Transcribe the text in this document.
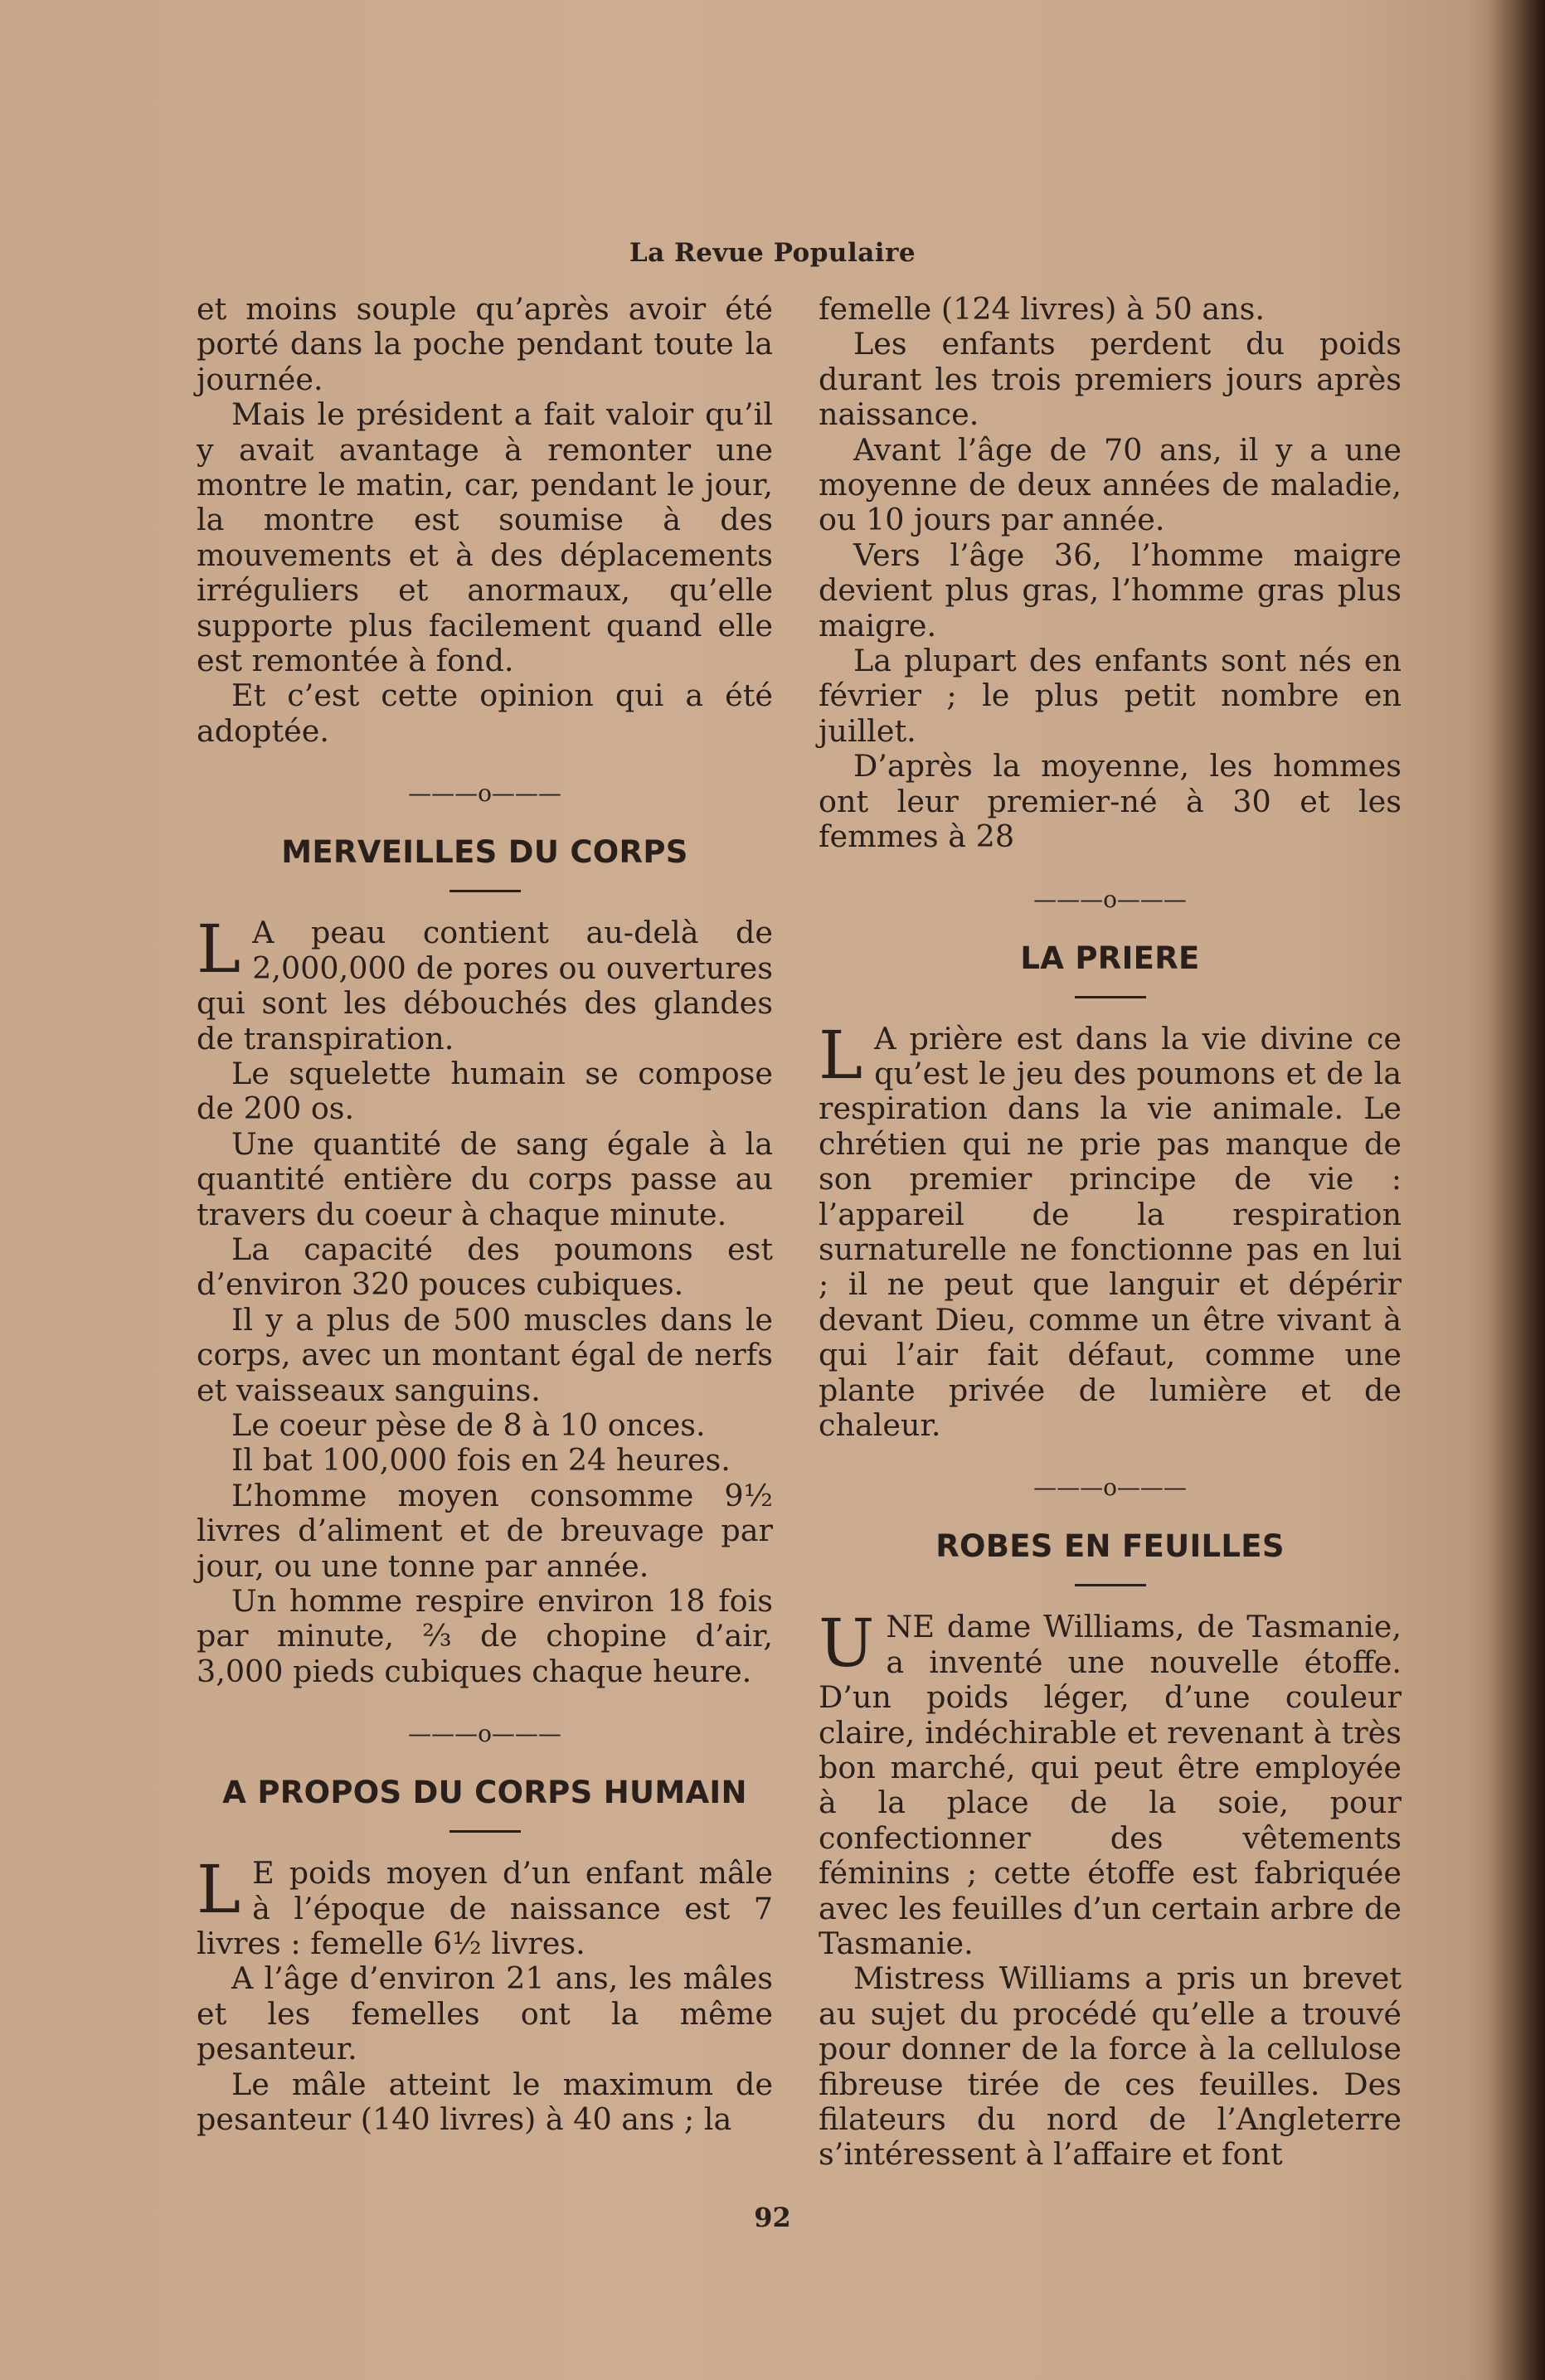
La Revue Populaire

et moins souple qu’après avoir été porté dans la poche pendant toute la journée.

Mais le président a fait valoir qu’il y avait avantage à remonter une montre le matin, car, pendant le jour, la montre est soumise à des mouvements et à des déplacements irréguliers et anormaux, qu’elle supporte plus facilement quand elle est remontée à fond.

Et c’est cette opinion qui a été adoptée.

———o———
MERVEILLES DU CORPS

L A peau contient au-delà de 2,000,000 de pores ou ouvertures qui sont les débouchés des glandes de transpiration.

Le squelette humain se compose de 200 os.

Une quantité de sang égale à la quantité entière du corps passe au travers du coeur à chaque minute.

La capacité des poumons est d’environ 320 pouces cubiques.

Il y a plus de 500 muscles dans le corps, avec un montant égal de nerfs et vaisseaux sanguins.

Le coeur pèse de 8 à 10 onces.

Il bat 100,000 fois en 24 heures.

L’homme moyen consomme 9½ livres d’aliment et de breuvage par jour, ou une tonne par année.

Un homme respire environ 18 fois par minute, ⅔ de chopine d’air, 3,000 pieds cubiques chaque heure.

———o———
A PROPOS DU CORPS HUMAIN

L E poids moyen d’un enfant mâle à l’époque de naissance est 7 livres : femelle 6½ livres.

A l’âge d’environ 21 ans, les mâles et les femelles ont la même pesanteur.

Le mâle atteint le maximum de pesanteur (140 livres) à 40 ans ; la

femelle (124 livres) à 50 ans.

Les enfants perdent du poids durant les trois premiers jours après naissance.

Avant l’âge de 70 ans, il y a une moyenne de deux années de maladie, ou 10 jours par année.

Vers l’âge 36, l’homme maigre devient plus gras, l’homme gras plus maigre.

La plupart des enfants sont nés en février ; le plus petit nombre en juillet.

D’après la moyenne, les hommes ont leur premier-né à 30 et les femmes à 28

———o———
LA PRIERE

L A prière est dans la vie divine ce qu’est le jeu des poumons et de la respiration dans la vie animale. Le chrétien qui ne prie pas manque de son premier principe de vie : l’appareil de la respiration surnaturelle ne fonctionne pas en lui ; il ne peut que languir et dépérir devant Dieu, comme un être vivant à qui l’air fait défaut, comme une plante privée de lumière et de chaleur.

———o———
ROBES EN FEUILLES

UNE dame Williams, de Tasmanie, a inventé une nouvelle étoffe. D’un poids léger, d’une couleur claire, indéchirable et revenant à très bon marché, qui peut être employée à la place de la soie, pour confectionner des vêtements féminins ; cette étoffe est fabriquée avec les feuilles d’un certain arbre de Tasmanie.

Mistress Williams a pris un brevet au sujet du procédé qu’elle a trouvé pour donner de la force à la cellulose fibreuse tirée de ces feuilles. Des filateurs du nord de l’Angleterre s’intéressent à l’affaire et font

92
